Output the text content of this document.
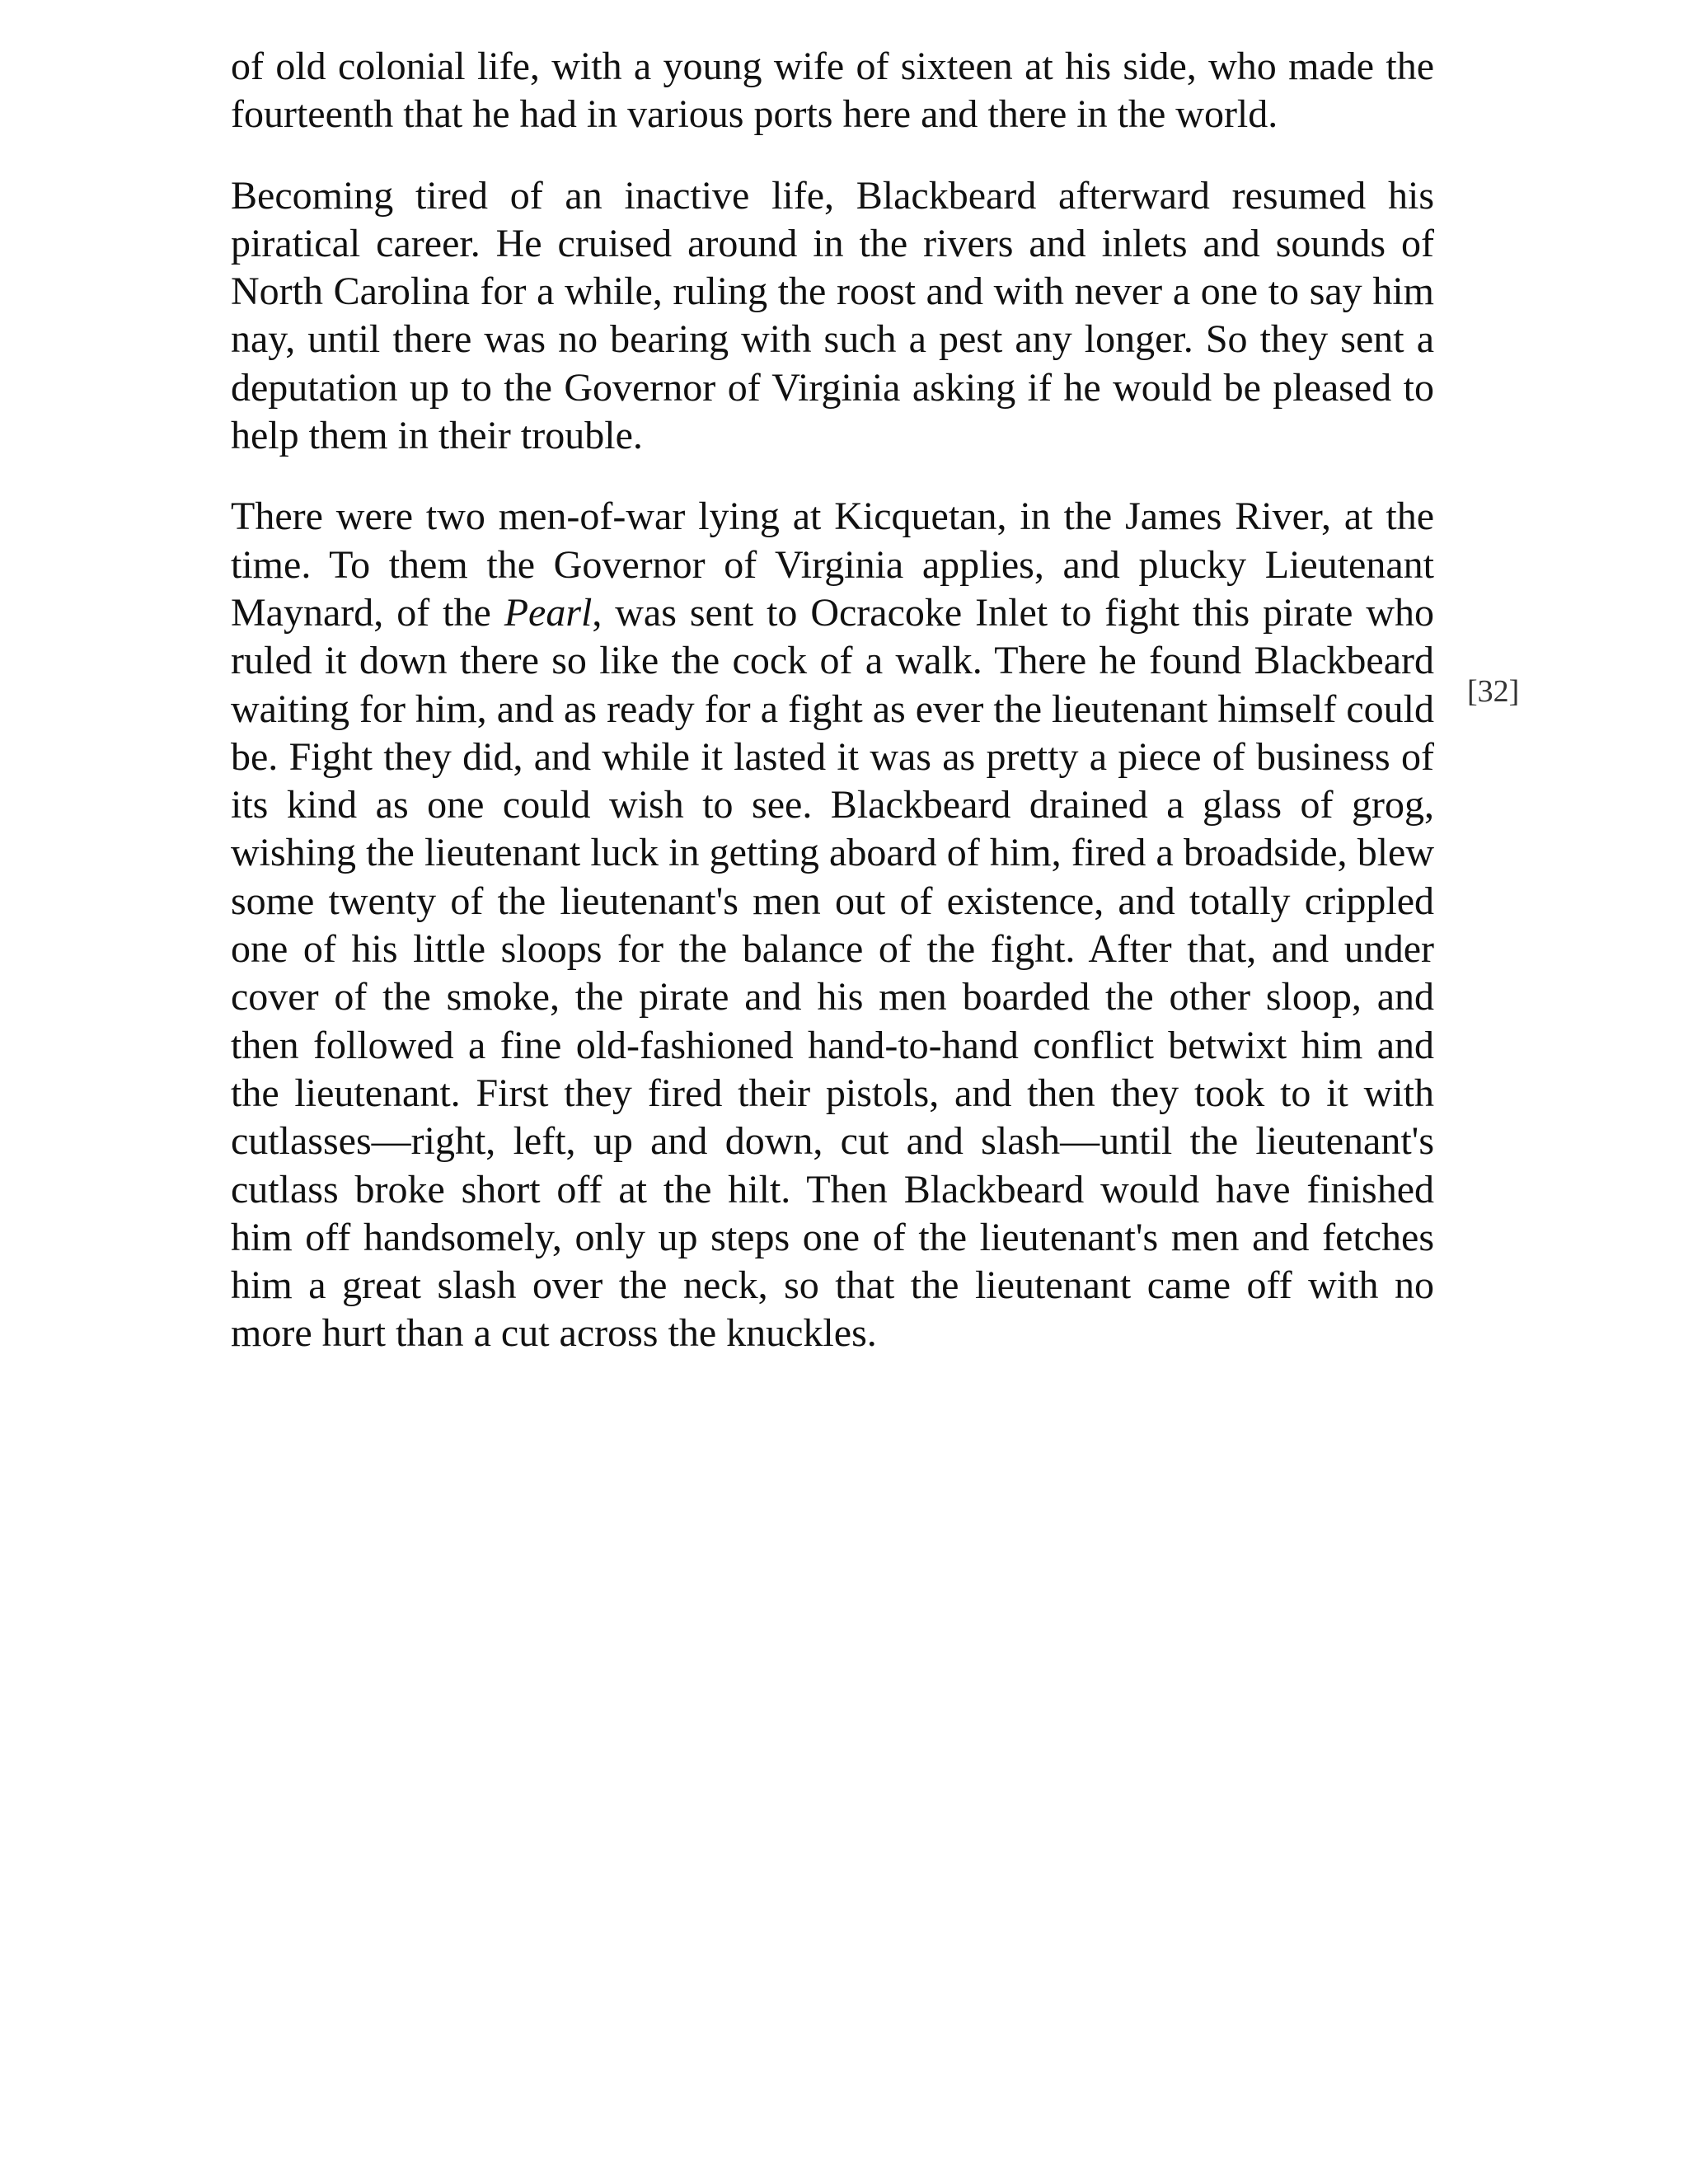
of old colonial life, with a young wife of sixteen at his side, who made the fourteenth that he had in various ports here and there in the world.

Becoming tired of an inactive life, Blackbeard afterward resumed his piratical career. He cruised around in the rivers and inlets and sounds of North Carolina for a while, ruling the roost and with never a one to say him nay, until there was no bearing with such a pest any longer. So they sent a deputation up to the Governor of Virginia asking if he would be pleased to help them in their trouble.

There were two men-of-war lying at Kicquetan, in the James River, at the time. To them the Governor of Virginia applies, and plucky Lieutenant Maynard, of the Pearl, was sent to Ocracoke Inlet to fight this pirate who ruled it down there so like the cock of a walk. There he found Blackbeard waiting for him, and as ready for a fight as ever the lieutenant himself could be. Fight they did, and while it lasted it was as pretty a piece of business of its kind as one could wish to see. Blackbeard drained a glass of grog, wishing the lieutenant luck in getting aboard of him, fired a broadside, blew some twenty of the lieutenant's men out of existence, and totally crippled one of his little sloops for the balance of the fight. After that, and under cover of the smoke, the pirate and his men boarded the other sloop, and then followed a fine old-fashioned hand-to-hand conflict betwixt him and the lieutenant. First they fired their pistols, and then they took to it with cutlasses—right, left, up and down, cut and slash—until the lieutenant's cutlass broke short off at the hilt. Then Blackbeard would have finished him off handsomely, only up steps one of the lieutenant's men and fetches him a great slash over the neck, so that the lieutenant came off with no more hurt than a cut across the knuckles.

[32]
